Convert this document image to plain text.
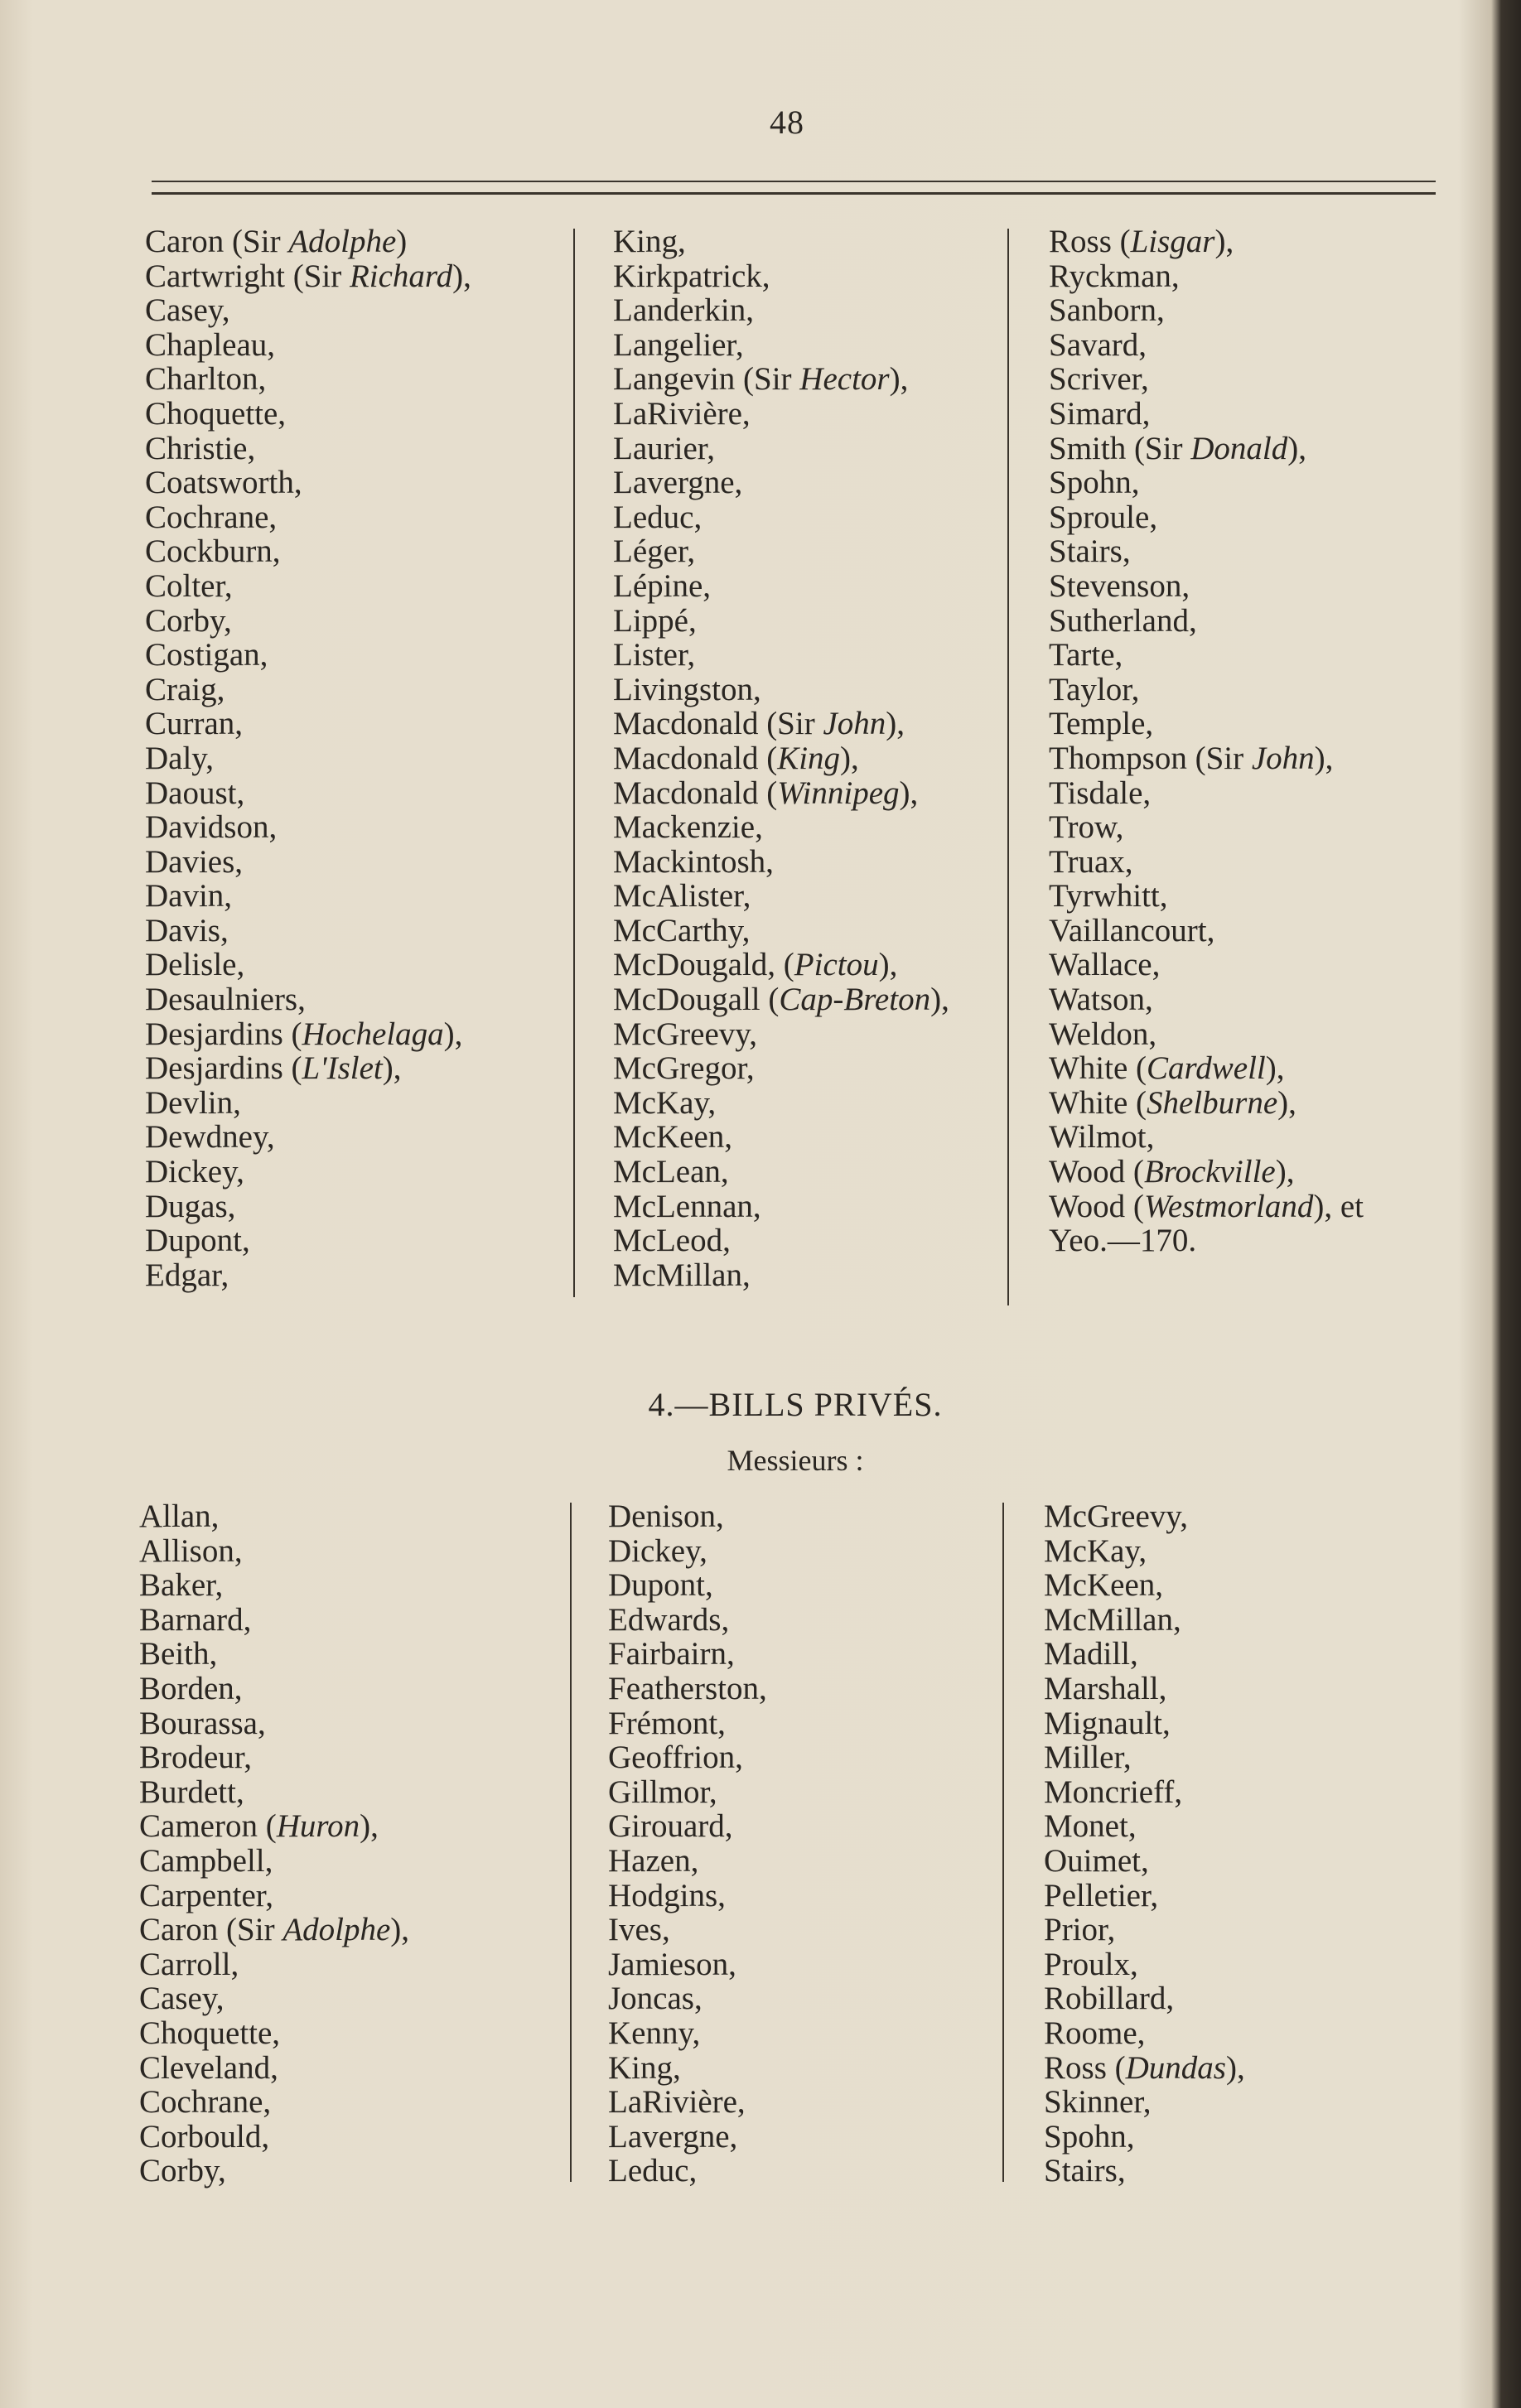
48
Caron (Sir Adolphe)
Cartwright (Sir Richard),
Casey,
Chapleau,
Charlton,
Choquette,
Christie,
Coatsworth,
Cochrane,
Cockburn,
Colter,
Corby,
Costigan,
Craig,
Curran,
Daly,
Daoust,
Davidson,
Davies,
Davin,
Davis,
Delisle,
Desaulniers,
Desjardins (Hochelaga),
Desjardins (L'Islet),
Devlin,
Dewdney,
Dickey,
Dugas,
Dupont,
Edgar,
King,
Kirkpatrick,
Landerkin,
Langelier,
Langevin (Sir Hector),
LaRivière,
Laurier,
Lavergne,
Leduc,
Léger,
Lépine,
Lippé,
Lister,
Livingston,
Macdonald (Sir John),
Macdonald (King),
Macdonald (Winnipeg),
Mackenzie,
Mackintosh,
McAlister,
McCarthy,
McDougald, (Pictou),
McDougall (Cap-Breton),
McGreevy,
McGregor,
McKay,
McKeen,
McLean,
McLennan,
McLeod,
McMillan,
Ross (Lisgar),
Ryckman,
Sanborn,
Savard,
Scriver,
Simard,
Smith (Sir Donald),
Spohn,
Sproule,
Stairs,
Stevenson,
Sutherland,
Tarte,
Taylor,
Temple,
Thompson (Sir John),
Tisdale,
Trow,
Truax,
Tyrwhitt,
Vaillancourt,
Wallace,
Watson,
Weldon,
White (Cardwell),
White (Shelburne),
Wilmot,
Wood (Brockville),
Wood (Westmorland), et
Yeo.—170.
4.—BILLS PRIVÉS.
Messieurs :
Allan,
Allison,
Baker,
Barnard,
Beith,
Borden,
Bourassa,
Brodeur,
Burdett,
Cameron (Huron),
Campbell,
Carpenter,
Caron (Sir Adolphe),
Carroll,
Casey,
Choquette,
Cleveland,
Cochrane,
Corbould,
Corby,
Denison,
Dickey,
Dupont,
Edwards,
Fairbairn,
Featherston,
Frémont,
Geoffrion,
Gillmor,
Girouard,
Hazen,
Hodgins,
Ives,
Jamieson,
Joncas,
Kenny,
King,
LaRivière,
Lavergne,
Leduc,
McGreevy,
McKay,
McKeen,
McMillan,
Madill,
Marshall,
Mignault,
Miller,
Moncrieff,
Monet,
Ouimet,
Pelletier,
Prior,
Proulx,
Robillard,
Roome,
Ross (Dundas),
Skinner,
Spohn,
Stairs,
